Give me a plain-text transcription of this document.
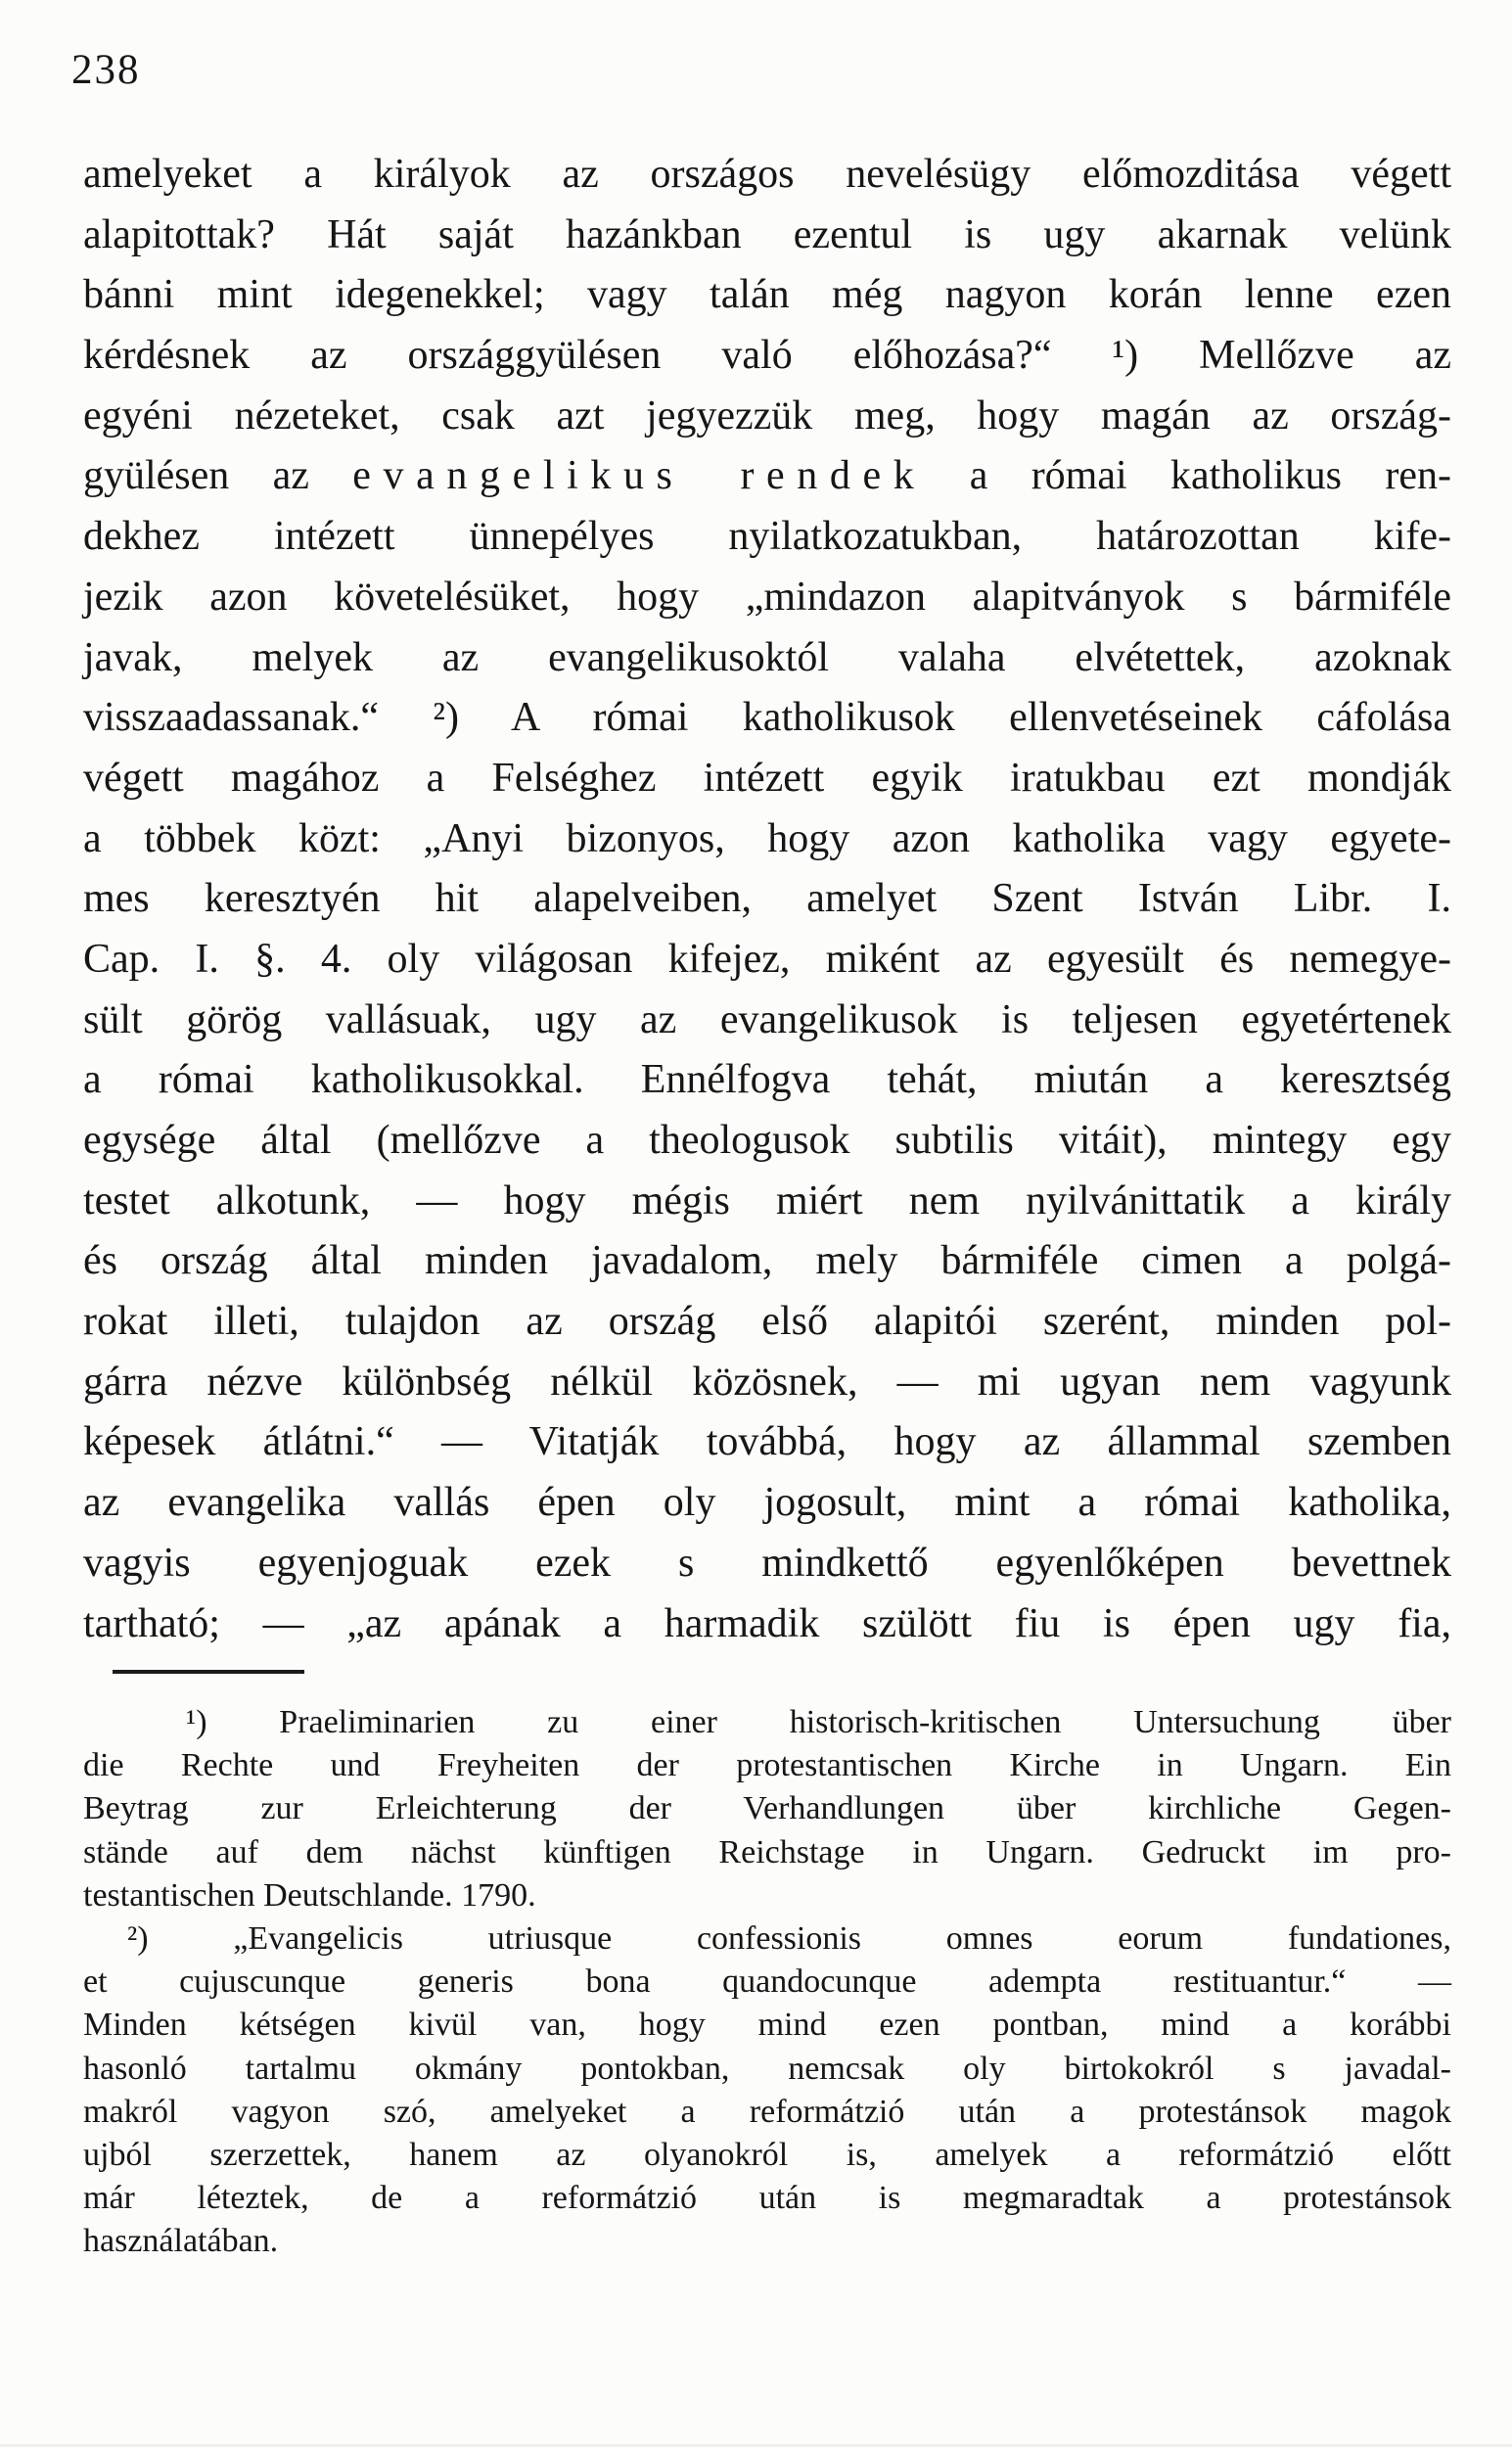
238
amelyeket a királyok az országos nevelésügy előmozditása végett
alapitottak? Hát saját hazánkban ezentul is ugy akarnak velünk
bánni mint idegenekkel; vagy talán még nagyon korán lenne ezen
kérdésnek az országgyülésen való előhozása?“ ¹) Mellőzve az
egyéni nézeteket, csak azt jegyezzük meg, hogy magán az ország-
gyülésen az evangelikus rendek a római katholikus ren-
dekhez intézett ünnepélyes nyilatkozatukban, határozottan kife-
jezik azon követelésüket, hogy „mindazon alapitványok s bármiféle
javak, melyek az evangelikusoktól valaha elvétettek, azoknak
visszaadassanak.“ ²) A római katholikusok ellenvetéseinek cáfolása
végett magához a Felséghez intézett egyik iratukbau ezt mondják
a többek közt: „Anyi bizonyos, hogy azon katholika vagy egyete-
mes keresztyén hit alapelveiben, amelyet Szent István Libr. I.
Cap. I. §. 4. oly világosan kifejez, miként az egyesült és nemegye-
sült görög vallásuak, ugy az evangelikusok is teljesen egyetértenek
a római katholikusokkal. Ennélfogva tehát, miután a keresztség
egysége által (mellőzve a theologusok subtilis vitáit), mintegy egy
testet alkotunk, — hogy mégis miért nem nyilvánittatik a király
és ország által minden javadalom, mely bármiféle cimen a polgá-
rokat illeti, tulajdon az ország első alapitói szerént, minden pol-
gárra nézve különbség nélkül közösnek, — mi ugyan nem vagyunk
képesek átlátni.“ — Vitatják továbbá, hogy az állammal szemben
az evangelika vallás épen oly jogosult, mint a római katholika,
vagyis egyenjoguak ezek s mindkettő egyenlőképen bevettnek
tartható; — „az apának a harmadik szülött fiu is épen ugy fia,
¹) Praeliminarien zu einer historisch-kritischen Untersuchung über
die Rechte und Freyheiten der protestantischen Kirche in Ungarn. Ein
Beytrag zur Erleichterung der Verhandlungen über kirchliche Gegen-
stände auf dem nächst künftigen Reichstage in Ungarn. Gedruckt im pro-
testantischen Deutschlande. 1790.
²) „Evangelicis utriusque confessionis omnes eorum fundationes,
et cujuscunque generis bona quandocunque adempta restituantur.“ —
Minden kétségen kivül van, hogy mind ezen pontban, mind a korábbi
hasonló tartalmu okmány pontokban, nemcsak oly birtokokról s javadal-
makról vagyon szó, amelyeket a reformátzió után a protestánsok magok
ujból szerzettek, hanem az olyanokról is, amelyek a reformátzió előtt
már léteztek, de a reformátzió után is megmaradtak a protestánsok
használatában.
